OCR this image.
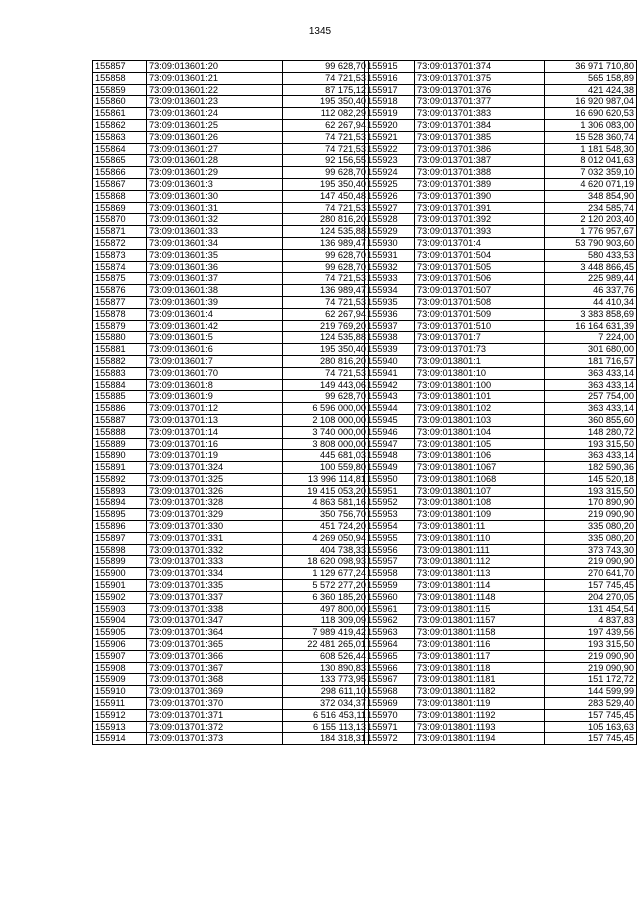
1345
155857	73:09:013601:20	99 628,70
155858	73:09:013601:21	74 721,53
155859	73:09:013601:22	87 175,12
155860	73:09:013601:23	195 350,40
155861	73:09:013601:24	112 082,29
155862	73:09:013601:25	62 267,94
155863	73:09:013601:26	74 721,53
155864	73:09:013601:27	74 721,53
155865	73:09:013601:28	92 156,55
155866	73:09:013601:29	99 628,70
155867	73:09:013601:3	195 350,40
155868	73:09:013601:30	147 450,48
155869	73:09:013601:31	74 721,53
155870	73:09:013601:32	280 816,20
155871	73:09:013601:33	124 535,88
155872	73:09:013601:34	136 989,47
155873	73:09:013601:35	99 628,70
155874	73:09:013601:36	99 628,70
155875	73:09:013601:37	74 721,53
155876	73:09:013601:38	136 989,47
155877	73:09:013601:39	74 721,53
155878	73:09:013601:4	62 267,94
155879	73:09:013601:42	219 769,20
155880	73:09:013601:5	124 535,88
155881	73:09:013601:6	195 350,40
155882	73:09:013601:7	280 816,20
155883	73:09:013601:70	74 721,53
155884	73:09:013601:8	149 443,06
155885	73:09:013601:9	99 628,70
155886	73:09:013701:12	6 596 000,00
155887	73:09:013701:13	2 108 000,00
155888	73:09:013701:14	3 740 000,00
155889	73:09:013701:16	3 808 000,00
155890	73:09:013701:19	445 681,03
155891	73:09:013701:324	100 559,80
155892	73:09:013701:325	13 996 114,81
155893	73:09:013701:326	19 415 053,20
155894	73:09:013701:328	4 863 581,16
155895	73:09:013701:329	350 756,70
155896	73:09:013701:330	451 724,20
155897	73:09:013701:331	4 269 050,94
155898	73:09:013701:332	404 738,33
155899	73:09:013701:333	18 620 098,93
155900	73:09:013701:334	1 129 677,24
155901	73:09:013701:335	5 572 277,20
155902	73:09:013701:337	6 360 185,20
155903	73:09:013701:338	497 800,00
155904	73:09:013701:347	118 309,09
155905	73:09:013701:364	7 989 419,42
155906	73:09:013701:365	22 481 265,01
155907	73:09:013701:366	608 526,44
155908	73:09:013701:367	130 890,83
155909	73:09:013701:368	133 773,95
155910	73:09:013701:369	298 611,10
155911	73:09:013701:370	372 034,37
155912	73:09:013701:371	6 516 453,11
155913	73:09:013701:372	6 155 113,13
155914	73:09:013701:373	184 318,31
155915	73:09:013701:374	36 971 710,80
155916	73:09:013701:375	565 158,89
155917	73:09:013701:376	421 424,38
155918	73:09:013701:377	16 920 987,04
155919	73:09:013701:383	16 690 620,53
155920	73:09:013701:384	1 306 083,00
155921	73:09:013701:385	15 528 360,74
155922	73:09:013701:386	1 181 548,30
155923	73:09:013701:387	8 012 041,63
155924	73:09:013701:388	7 032 359,10
155925	73:09:013701:389	4 620 071,19
155926	73:09:013701:390	348 854,90
155927	73:09:013701:391	234 585,74
155928	73:09:013701:392	2 120 203,40
155929	73:09:013701:393	1 776 957,67
155930	73:09:013701:4	53 790 903,60
155931	73:09:013701:504	580 433,53
155932	73:09:013701:505	3 448 866,45
155933	73:09:013701:506	225 989,44
155934	73:09:013701:507	46 337,76
155935	73:09:013701:508	44 410,34
155936	73:09:013701:509	3 383 858,69
155937	73:09:013701:510	16 164 631,39
155938	73:09:013701:7	7 224,00
155939	73:09:013701:73	301 680,00
155940	73:09:013801:1	181 716,57
155941	73:09:013801:10	363 433,14
155942	73:09:013801:100	363 433,14
155943	73:09:013801:101	257 754,00
155944	73:09:013801:102	363 433,14
155945	73:09:013801:103	360 855,60
155946	73:09:013801:104	148 280,72
155947	73:09:013801:105	193 315,50
155948	73:09:013801:106	363 433,14
155949	73:09:013801:1067	182 590,36
155950	73:09:013801:1068	145 520,18
155951	73:09:013801:107	193 315,50
155952	73:09:013801:108	170 890,90
155953	73:09:013801:109	219 090,90
155954	73:09:013801:11	335 080,20
155955	73:09:013801:110	335 080,20
155956	73:09:013801:111	373 743,30
155957	73:09:013801:112	219 090,90
155958	73:09:013801:113	270 641,70
155959	73:09:013801:114	157 745,45
155960	73:09:013801:1148	204 270,05
155961	73:09:013801:115	131 454,54
155962	73:09:013801:1157	4 837,83
155963	73:09:013801:1158	197 439,56
155964	73:09:013801:116	193 315,50
155965	73:09:013801:117	219 090,90
155966	73:09:013801:118	219 090,90
155967	73:09:013801:1181	151 172,72
155968	73:09:013801:1182	144 599,99
155969	73:09:013801:119	283 529,40
155970	73:09:013801:1192	157 745,45
155971	73:09:013801:1193	105 163,63
155972	73:09:013801:1194	157 745,45
